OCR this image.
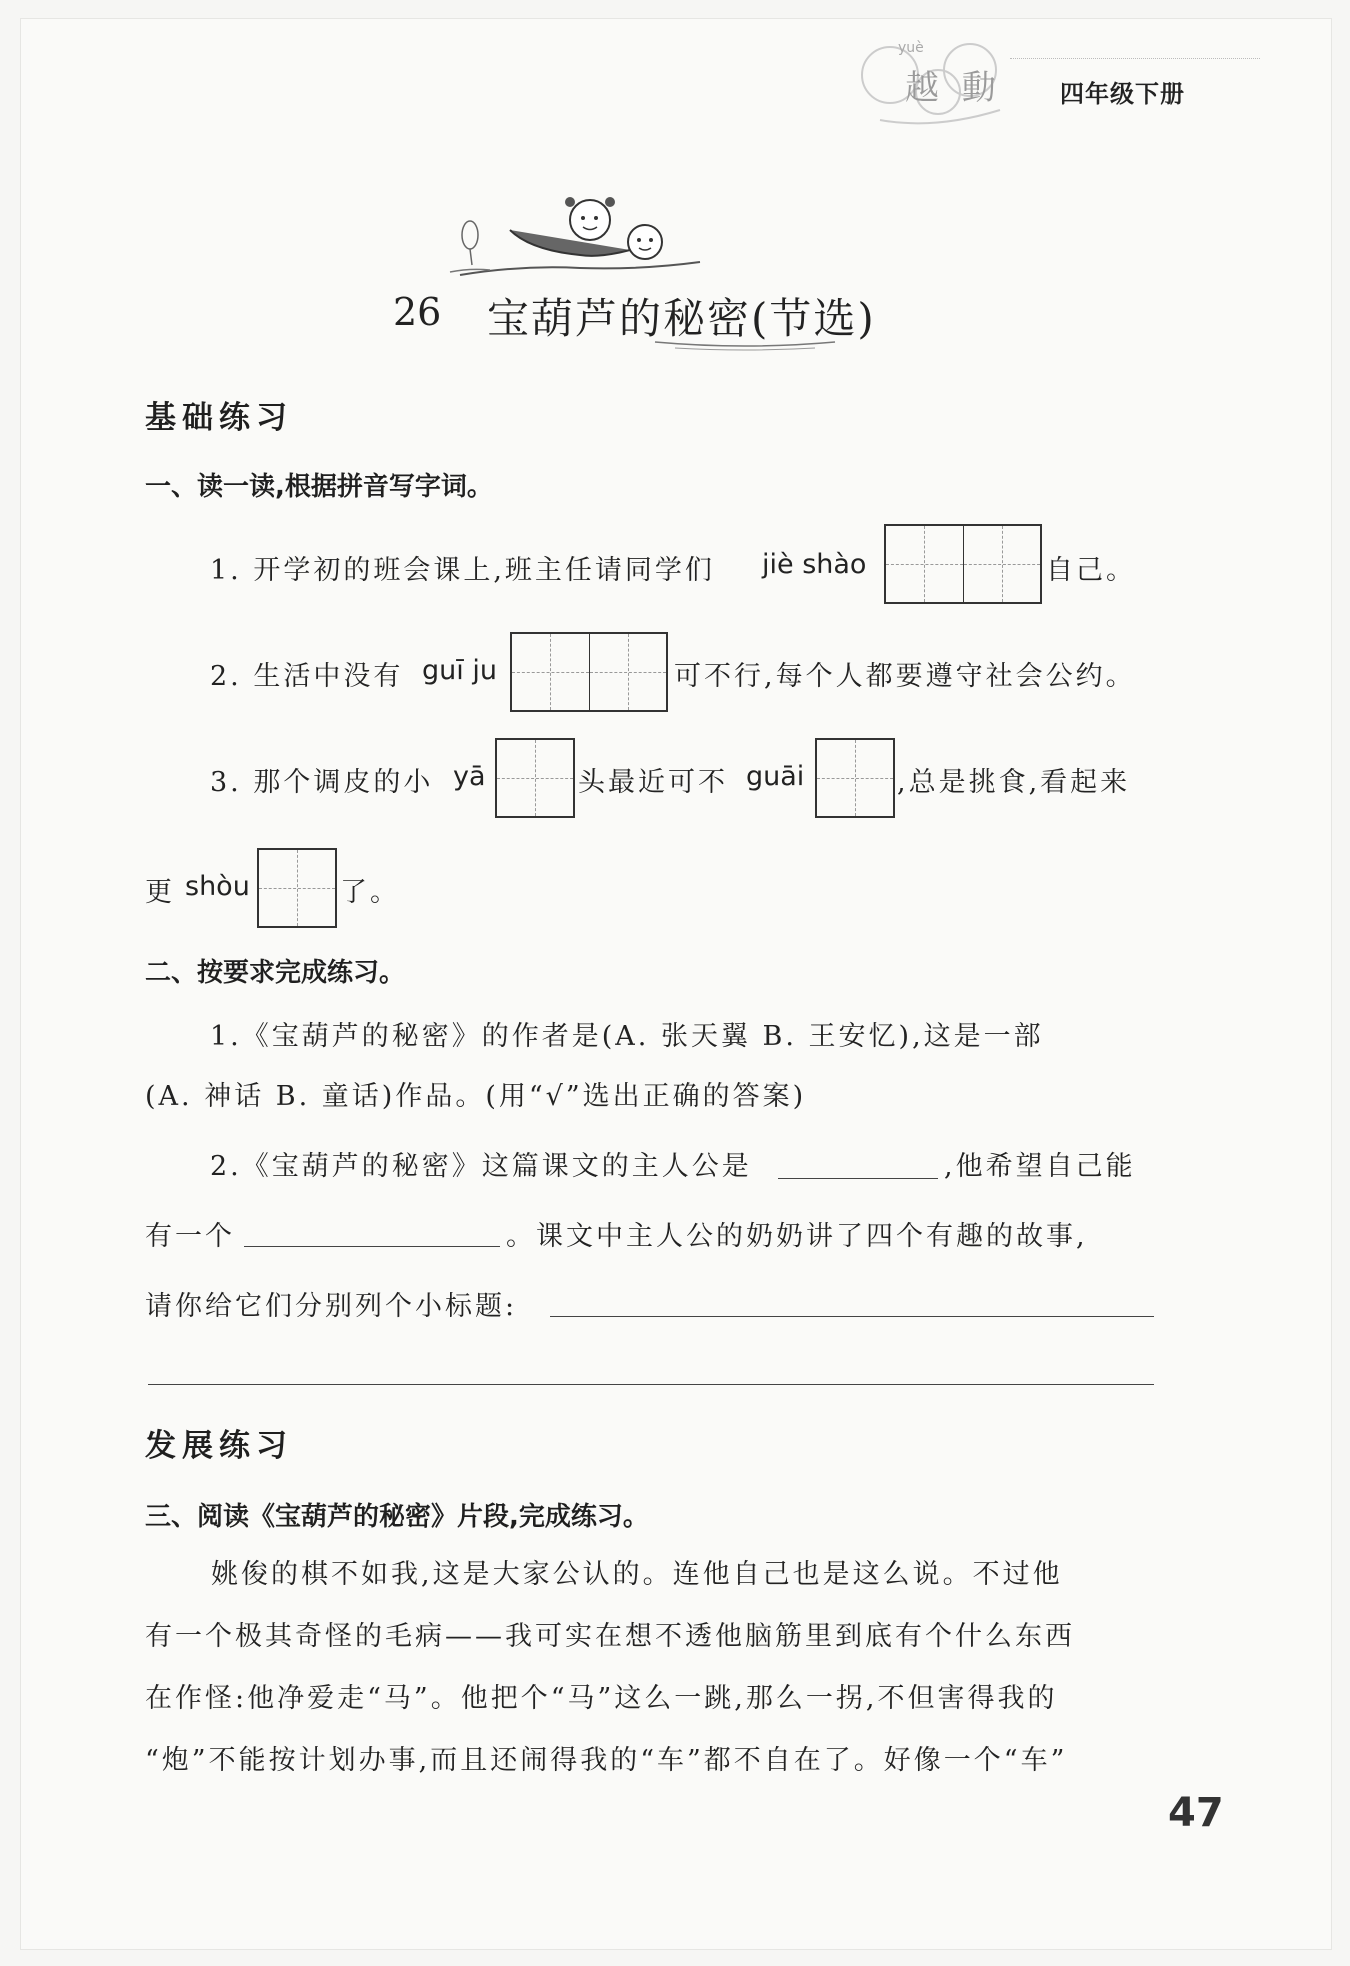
yuè
越 動 四年级下册
26 宝葫芦的秘密(节选)
基础练习
一、读一读,根据拼音写字词。
1. 开学初的班会课上,班主任请同学们 jiè shào	自己。
2. 生活中没有 guī ju	可不行,每个人都要遵守社会公约。
3. 那个调皮的小 yā	头最近可不 guāi	,总是挑食,看起来
更 shòu	了。
二、按要求完成练习。
1.《宝葫芦的秘密》的作者是(A. 张天翼 B. 王安忆),这是一部
(A. 神话 B. 童话)作品。(用“√”选出正确的答案)
2.《宝葫芦的秘密》这篇课文的主人公是	,他希望自己能
有一个	。课文中主人公的奶奶讲了四个有趣的故事,
请你给它们分别列个小标题:
发展练习
三、阅读《宝葫芦的秘密》片段,完成练习。
姚俊的棋不如我,这是大家公认的。连他自己也是这么说。不过他
有一个极其奇怪的毛病——我可实在想不透他脑筋里到底有个什么东西
在作怪:他净爱走“马”。他把个“马”这么一跳,那么一拐,不但害得我的
“炮”不能按计划办事,而且还闹得我的“车”都不自在了。好像一个“车”
47
